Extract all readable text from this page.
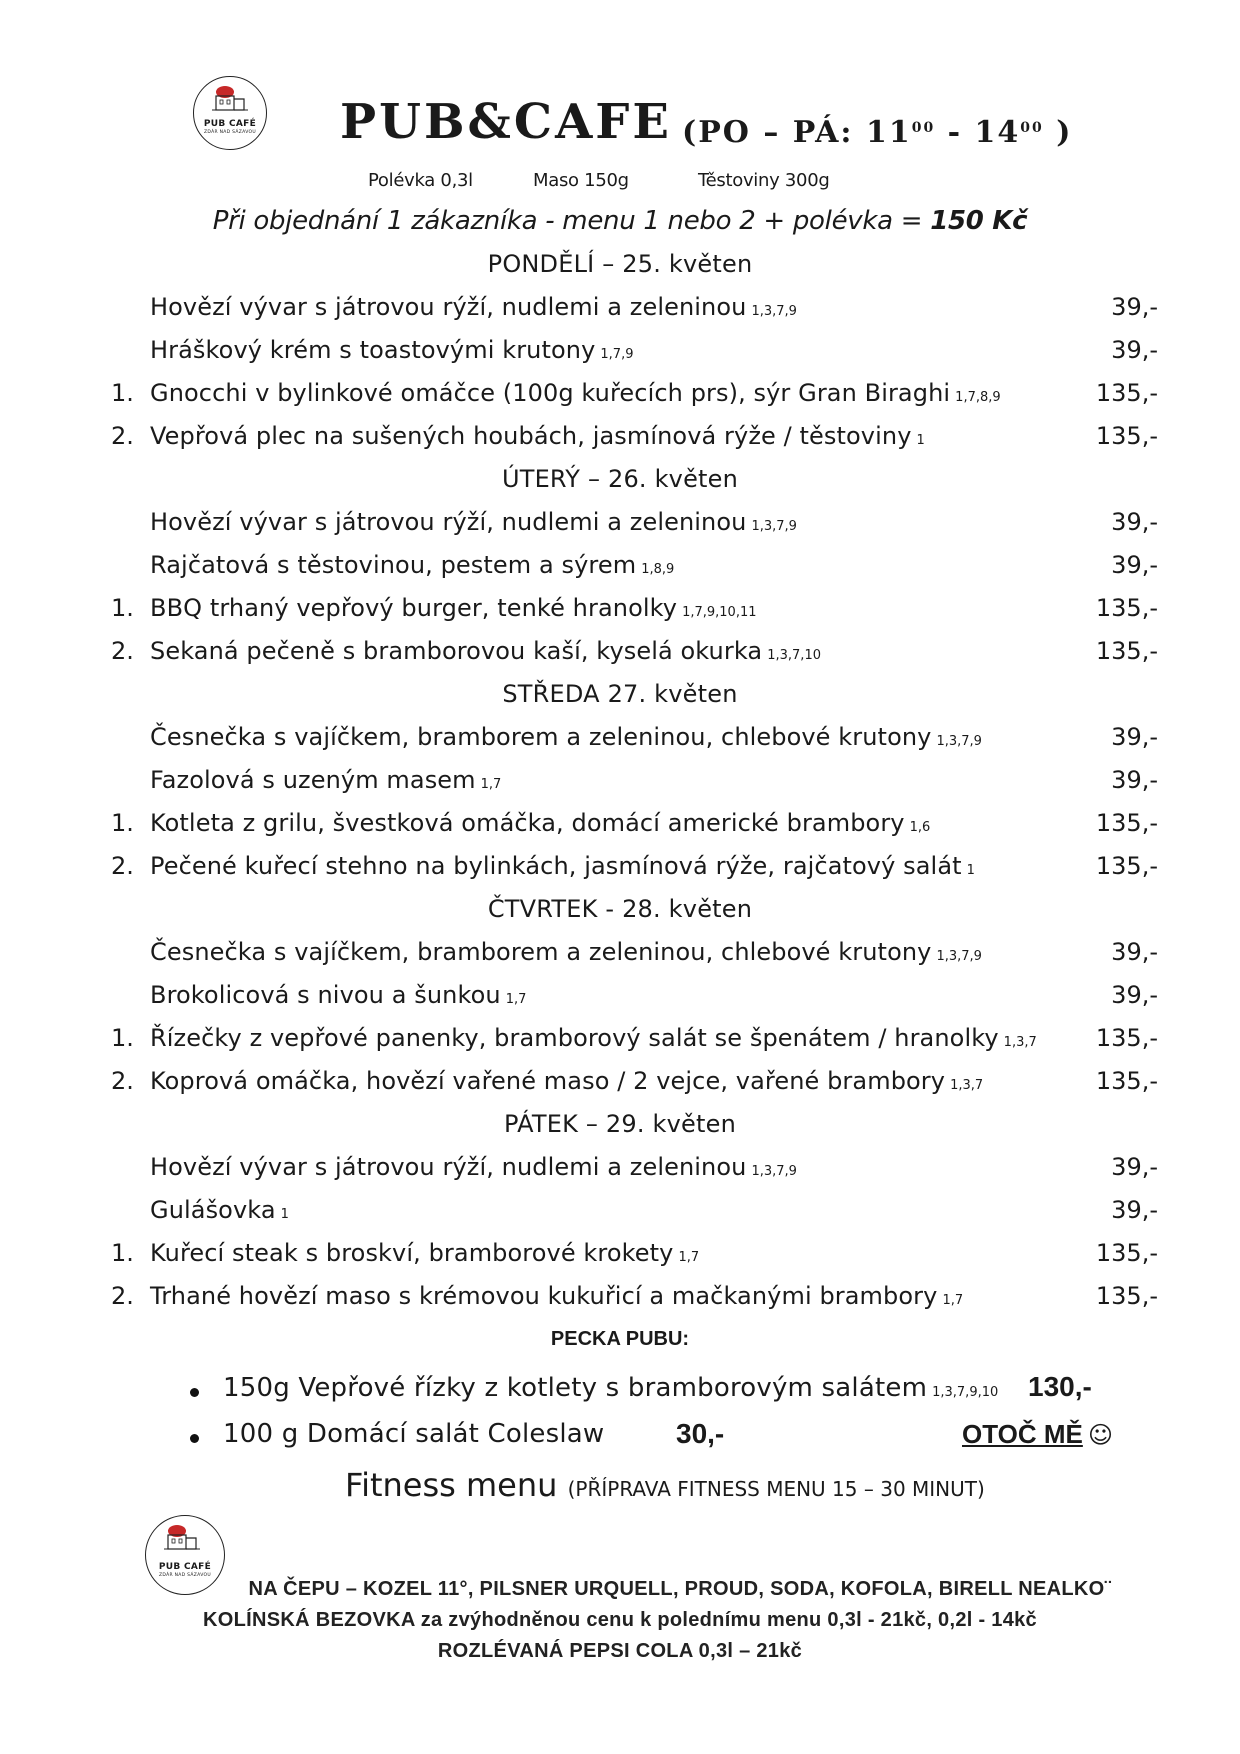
PUB CAFÉ
ZDÁR NAD SÁZAVOU PUB&CAFE (PO – PÁ: $11^{00} - 14^{00}$ )
Polévka 0,3l	Maso 150g	Těstoviny 300g
Při objednání 1 zákazníka - menu 1 nebo 2 + polévka = 150 Kč
PONDĚLÍ – 25. květen
Hovězí vývar s játrovou rýží, nudlemi a zeleninou 1,3,7,9	39,-
Hráškový krém s toastovými krutony 1,7,9	39,-
1. Gnocchi v bylinkové omáčce (100g kuřecích prs), sýr Gran Biraghi 1,7,8,9	135,-
2. Vepřová plec na sušených houbách, jasmínová rýže / těstoviny 1	135,-
ÚTERÝ – 26. květen
Hovězí vývar s játrovou rýží, nudlemi a zeleninou 1,3,7,9	39,-
Rajčatová s těstovinou, pestem a sýrem 1,8,9	39,-
1. BBQ trhaný vepřový burger, tenké hranolky 1,7,9,10,11	135,-
2. Sekaná pečeně s bramborovou kaší, kyselá okurka 1,3,7,10	135,-
STŘEDA 27. květen
Česnečka s vajíčkem, bramborem a zeleninou, chlebové krutony 1,3,7,9	39,-
Fazolová s uzeným masem 1,7	39,-
1. Kotleta z grilu, švestková omáčka, domácí americké brambory 1,6	135,-
2. Pečené kuřecí stehno na bylinkách, jasmínová rýže, rajčatový salát 1	135,-
ČTVRTEK - 28. květen
Česnečka s vajíčkem, bramborem a zeleninou, chlebové krutony 1,3,7,9	39,-
Brokolicová s nivou a šunkou 1,7	39,-
1. Řízečky z vepřové panenky, bramborový salát se špenátem / hranolky 1,3,7 135,-
2. Koprová omáčka, hovězí vařené maso / 2 vejce, vařené brambory 1,3,7	135,-
PÁTEK – 29. květen
Hovězí vývar s játrovou rýží, nudlemi a zeleninou 1,3,7,9	39,-
Gulášovka 1	39,-
1. Kuřecí steak s broskví, bramborové krokety 1,7	135,-
2. Trhané hovězí maso s krémovou kukuřicí a mačkanými brambory 1,7	135,-
PECKA PUBU:
150g Vepřové řízky z kotlety s bramborovým salátem 1,3,7,9,10 130,-
100 g Domácí salát Coleslaw	30,-	OTOČ MĚ ☺
Fitness menu (PŘÍPRAVA FITNESS MENU 15 – 30 MINUT)
PUB CAFÉ
ZDÁR NAD SÁZAVOU
NA ČEPU – KOZEL 11°, PILSNER URQUELL, PROUD, SODA, KOFOLA, BIRELL NEALKO¨
KOLÍNSKÁ BEZOVKA za zvýhodněnou cenu k polednímu menu 0,3l - 21kč, 0,2l - 14kč
ROZLÉVANÁ PEPSI COLA 0,3l – 21kč
